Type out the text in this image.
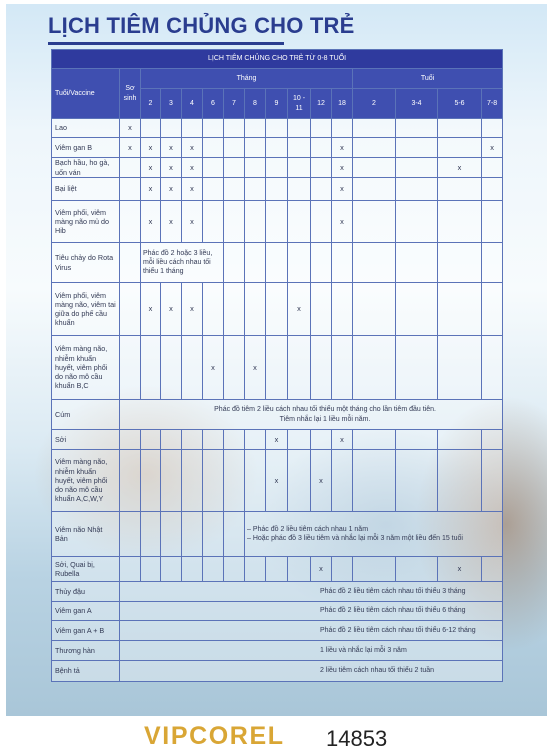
LỊCH TIÊM CHỦNG CHO TRẺ
LỊCH TIÊM CHỦNG CHO TRẺ TỪ 0-8 TUỔI															
Tuổi/Vaccine	Sơ sinh	Tháng										Tuổi			
		2	3	4	6	7	8	9	10 - 11	12	18	2	3-4	5-6	7-8
Lao	x														
Viêm gan B	x	x	x	x							x				x
Bạch hầu, ho gà, uốn ván		x	x	x							x			x	
Bại liệt		x	x	x							x				
Viêm phổi, viêm màng não mủ do Hib		x	x	x							x				
Tiêu chảy do Rota Virus		Phác đồ 2 hoặc 3 liều, mỗi liều cách nhau tối thiểu 1 tháng													
Viêm phổi, viêm màng não, viêm tai giữa do phế cầu khuẩn		x	x	x					x						
Viêm màng não, nhiễm khuẩn huyết, viêm phổi do não mô cầu khuẩn B,C					x		x								
Cúm	Phác đồ tiêm 2 liều cách nhau tối thiểu một tháng cho lần tiêm đầu tiên.
Tiêm nhắc lại 1 liều mỗi năm.														

Sởi								x			x				
Viêm màng não, nhiễm khuẩn huyết, viêm phổi do não mô cầu khuẩn A,C,W,Y								x		x					
Viêm não Nhật Bản							– Phác đồ 2 liều tiêm cách nhau 1 năm
– Hoặc phác đồ 3 liều tiêm và nhắc lại mỗi 3 năm một liều đến 15 tuổi								

Sởi, Quai bị, Rubella										x				x	
Thủy đậu	Phác đồ 2 liều tiêm cách nhau tối thiểu 3 tháng														
Viêm gan A	Phác đồ 2 liều tiêm cách nhau tối thiểu 6 tháng														
Viêm gan A + B	Phác đồ 2 liều tiêm cách nhau tối thiểu 6-12 tháng														
Thương hàn	1 liều và nhắc lại mỗi 3 năm														
Bệnh tả	2 liều tiêm cách nhau tối thiểu 2 tuần														
VIPCOREL 14853
